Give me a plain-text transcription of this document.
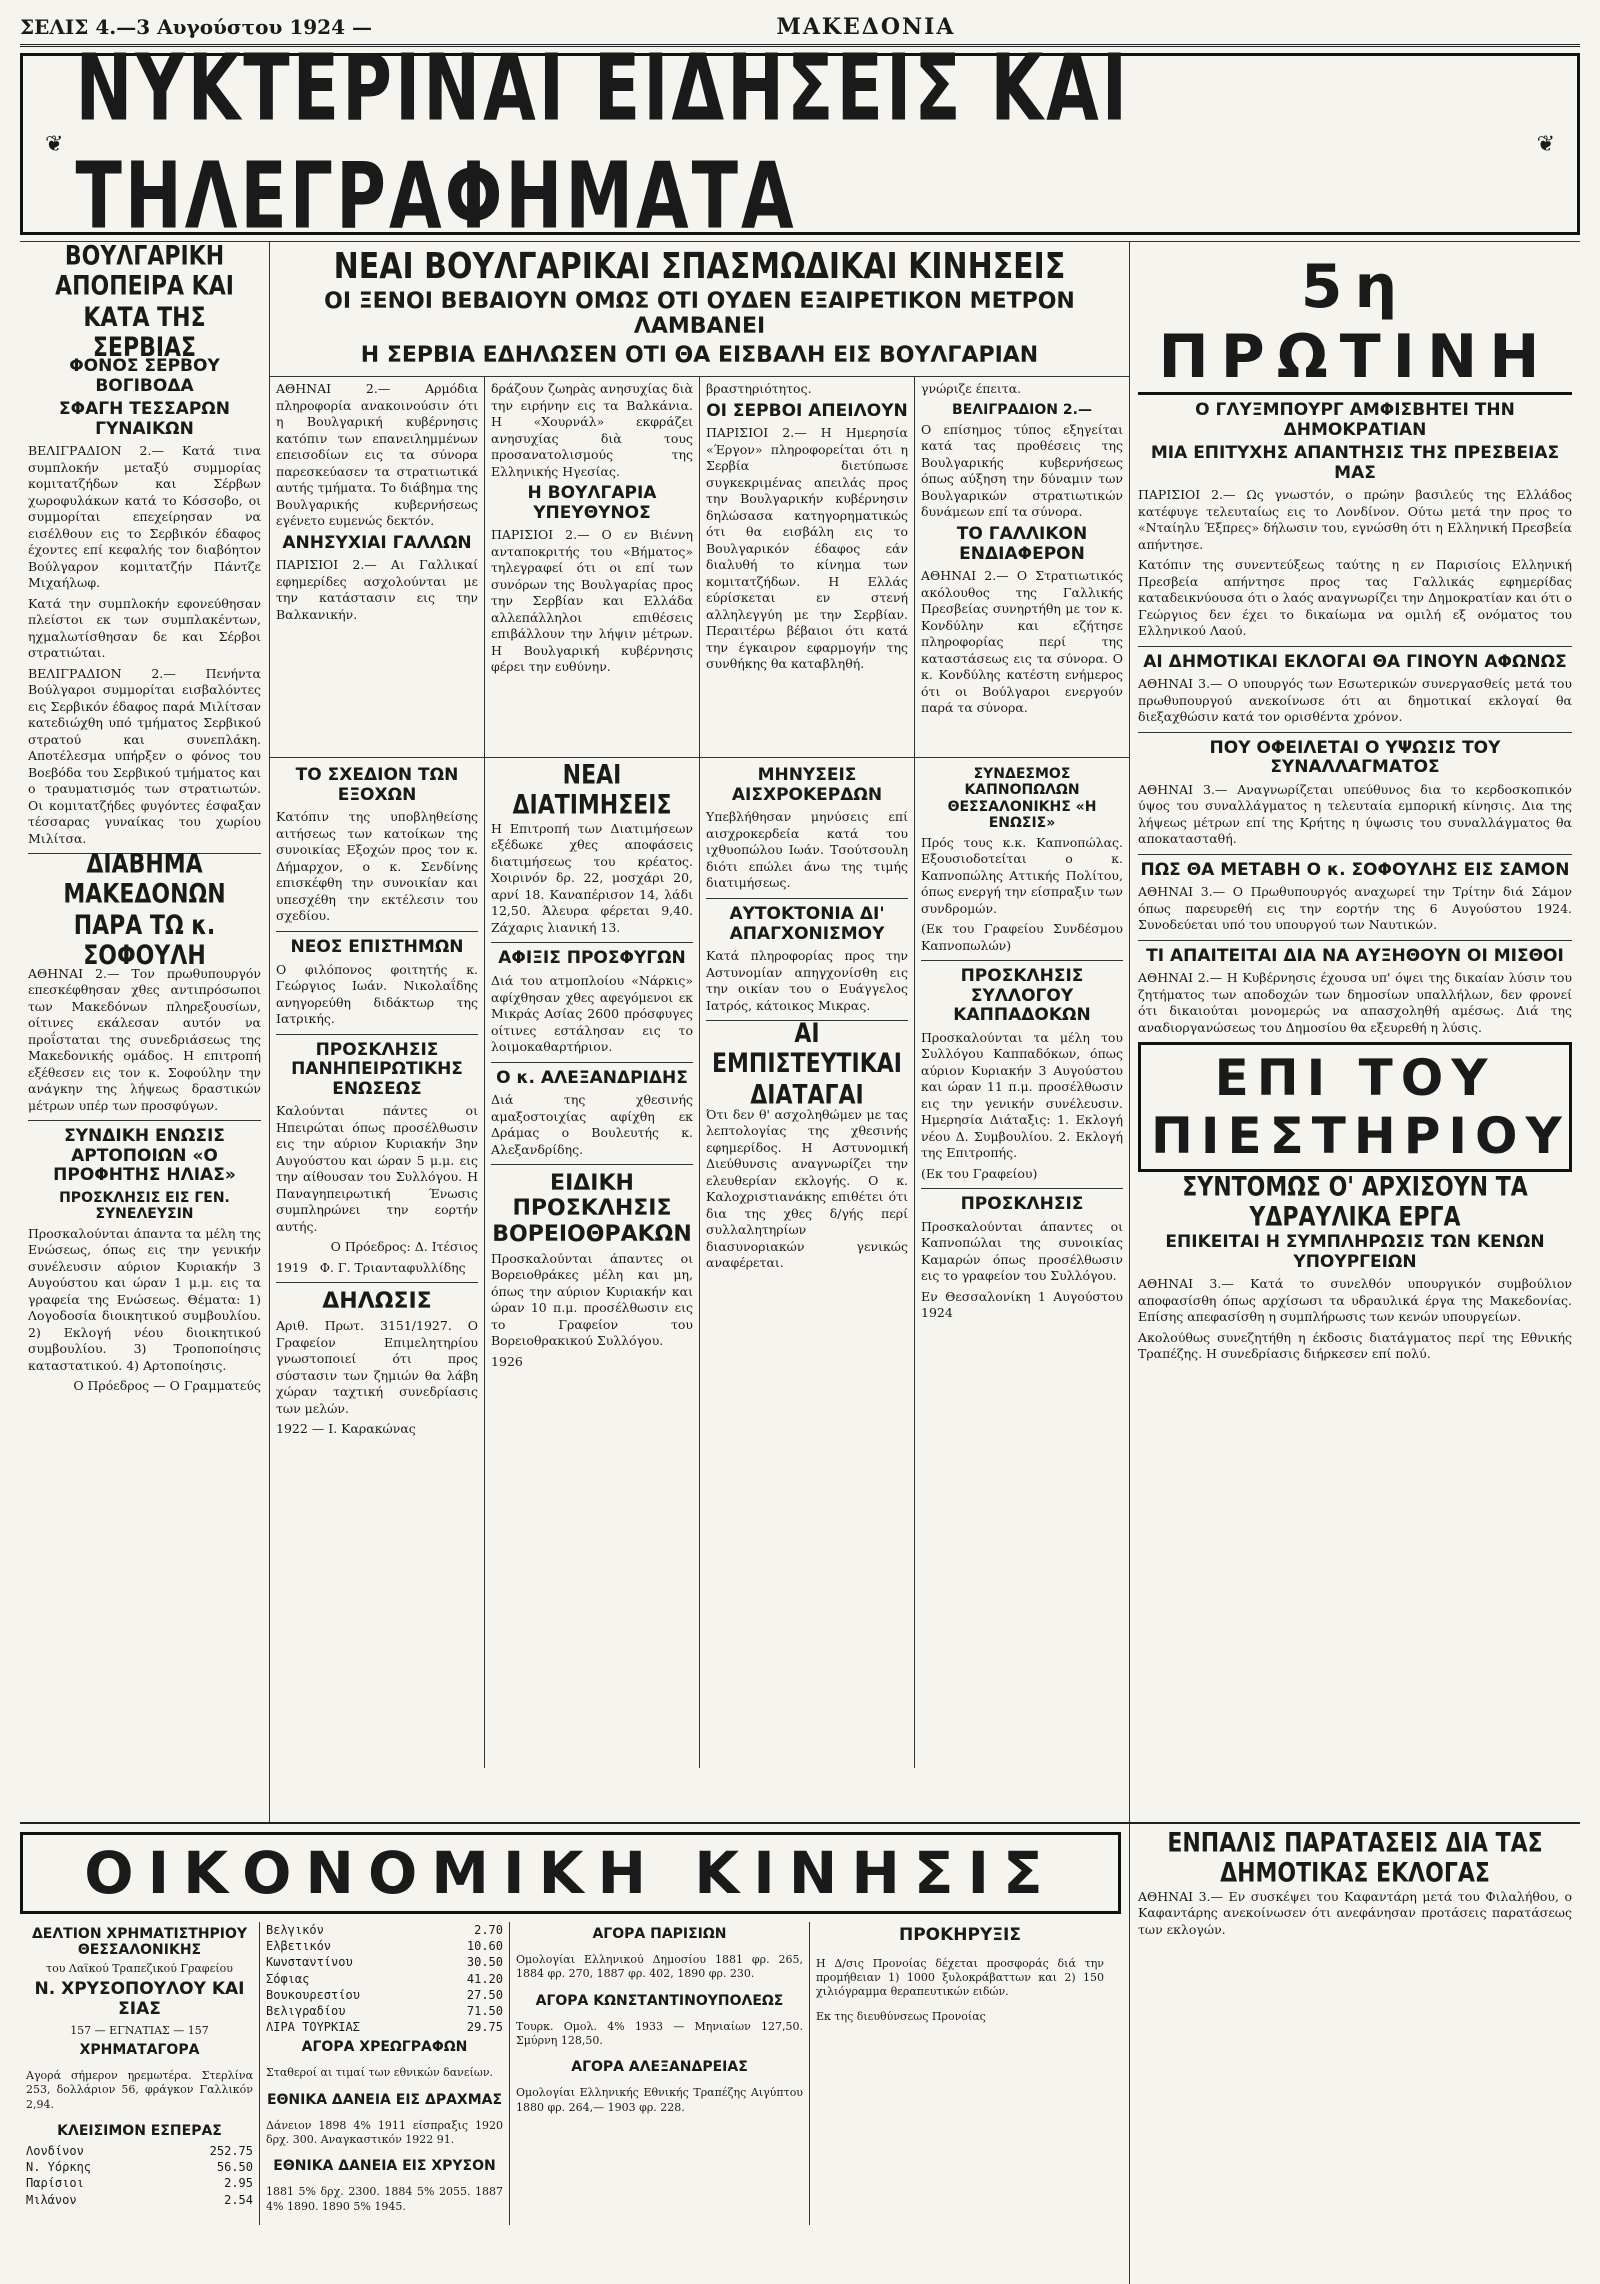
ΣΕΛΙΣ 4.—3 Αυγούστου 1924 —	ΜΑΚΕΔΟΝΙΑ
❦
ΝΥΚΤΕΡΙΝΑΙ ΕΙΔΗΣΕΙΣ ΚΑΙ ΤΗΛΕΓΡΑΦΗΜΑΤΑ	❦
ΒΟΥΛΓΑΡΙΚΗ ΑΠΟΠΕΙΡΑ ΚΑΙ ΚΑΤΑ ΤΗΣ ΣΕΡΒΙΑΣ
ΦΟΝΟΣ ΣΕΡΒΟΥ ΒΟΓΙΒΟΔΑ
ΣΦΑΓΗ ΤΕΣΣΑΡΩΝ ΓΥΝΑΙΚΩΝ

ΒΕΛΙΓΡΑΔΙΟΝ 2.— Κατά τινα συμπλοκήν μεταξύ συμμορίας κομιτατζήδων και Σέρβων χωροφυλάκων κατά το Κόσσοβο, οι συμμορίται επεχείρησαν να εισέλθουν εις το Σερβικόν έδαφος έχοντες επί κεφαλής τον διαβόητον Βούλγαρον κομιτατζήν Πάντζε Μιχαήλωφ.

Κατά την συμπλοκήν εφονεύθησαν πλείστοι εκ των συμπλακέντων, ηχμαλωτίσθησαν δε και Σέρβοι στρατιώται.

ΒΕΛΙΓΡΑΔΙΟΝ 2.— Πενήντα Βούλγαροι συμμορίται εισβαλόντες εις Σερβικόν έδαφος παρά Μιλίτσαν κατεδιώχθη υπό τμήματος Σερβικού στρατού και συνεπλάκη. Αποτέλεσμα υπήρξεν ο φόνος του Βοεβόδα του Σερβικού τμήματος και ο τραυματισμός των στρατιωτών. Οι κομιτατζήδες φυγόντες έσφαξαν τέσσαρας γυναίκας του χωρίου Μιλίτσα.

ΔΙΑΒΗΜΑ ΜΑΚΕΔΟΝΩΝ ΠΑΡΑ ΤΩ κ. ΣΟΦΟΥΛΗ

ΑΘΗΝΑΙ 2.— Τον πρωθυπουργόν επεσκέφθησαν χθες αντιπρόσωποι των Μακεδόνων πληρεξουσίων, οίτινες εκάλεσαν αυτόν να προΐσταται της συνεδριάσεως της Μακεδονικής ομάδος. Η επιτροπή εξέθεσεν εις τον κ. Σοφούλην την ανάγκην της λήψεως δραστικών μέτρων υπέρ των προσφύγων.

ΣΥΝΔΙΚΗ ΕΝΩΣΙΣ ΑΡΤΟΠΟΙΩΝ «Ο ΠΡΟΦΗΤΗΣ ΗΛΙΑΣ»
ΠΡΟΣΚΛΗΣΙΣ ΕΙΣ ΓΕΝ. ΣΥΝΕΛΕΥΣΙΝ

Προσκαλούνται άπαντα τα μέλη της Ενώσεως, όπως εις την γενικήν συνέλευσιν αύριον Κυριακήν 3 Αυγούστου και ώραν 1 μ.μ. εις τα γραφεία της Ενώσεως. Θέματα: 1) Λογοδοσία διοικητικού συμβουλίου. 2) Εκλογή νέου διοικητικού συμβουλίου. 3) Τροποποίησις καταστατικού. 4) Αρτοποίησις.

Ο Πρόεδρος — Ο Γραμματεύς

ΝΕΑΙ ΒΟΥΛΓΑΡΙΚΑΙ ΣΠΑΣΜΩΔΙΚΑΙ ΚΙΝΗΣΕΙΣ
ΟΙ ΞΕΝΟΙ ΒΕΒΑΙΟΥΝ ΟΜΩΣ ΟΤΙ ΟΥΔΕΝ ΕΞΑΙΡΕΤΙΚΟΝ ΜΕΤΡΟΝ ΛΑΜΒΑΝΕΙ
Η ΣΕΡΒΙΑ ΕΔΗΛΩΣΕΝ ΟΤΙ ΘΑ ΕΙΣΒΑΛΗ ΕΙΣ ΒΟΥΛΓΑΡΙΑΝ

ΑΘΗΝΑΙ 2.— Αρμόδια πληροφορία ανακοινούσιν ότι η Βουλγαρική κυβέρνησις κατόπιν των επανειλημμένων επεισοδίων εις τα σύνορα παρεσκεύασεν τα στρατιωτικά αυτής τμήματα. Το διάβημα της Βουλγαρικής κυβερνήσεως εγένετο ευμενώς δεκτόν.

ΑΝΗΣΥΧΙΑΙ ΓΑΛΛΩΝ

ΠΑΡΙΣΙΟΙ 2.— Αι Γαλλικαί εφημερίδες ασχολούνται με την κατάστασιν εις την Βαλκανικήν.

δράζουν ζωηρὰς ανησυχίας διὰ την ειρήνην εις τα Βαλκάνια. Η «Χουρνάλ» εκφράζει ανησυχίας διὰ τους προσανατολισμούς της Ελληνικής Ηγεσίας.

Η ΒΟΥΛΓΑΡΙΑ ΥΠΕΥΘΥΝΟΣ

ΠΑΡΙΣΙΟΙ 2.— Ο εν Βιέννη ανταποκριτής του «Βήματος» τηλεγραφεί ότι οι επί των συνόρων της Βουλγαρίας προς την Σερβίαν και Ελλάδα αλλεπάλληλοι επιθέσεις επιβάλλουν την λήψιν μέτρων. Η Βουλγαρική κυβέρνησις φέρει την ευθύνην.

βραστηριότητος.

ΟΙ ΣΕΡΒΟΙ ΑΠΕΙΛΟΥΝ

ΠΑΡΙΣΙΟΙ 2.— Η Ημερησία «Έργον» πληροφορείται ότι η Σερβία διετύπωσε συγκεκριμένας απειλάς προς την Βουλγαρικήν κυβέρνησιν δηλώσασα κατηγορηματικώς ότι θα εισβάλη εις το Βουλγαρικόν έδαφος εάν διαλυθή το κίνημα των κομιτατζήδων. Η Ελλάς εύρίσκεται εν στενή αλληλεγγύη με την Σερβίαν. Περαιτέρω βέβαιοι ότι κατά την έγκαιρον εφαρμογήν της συνθήκης θα καταβληθή.

γνώριζε έπειτα.

ΒΕΛΙΓΡΑΔΙΟΝ 2.—

Ο επίσημος τύπος εξηγείται κατά τας προθέσεις της Βουλγαρικής κυβερνήσεως όπως αύξηση την δύναμιν των Βουλγαρικών στρατιωτικών δυνάμεων επί τα σύνορα.

ΤΟ ΓΑΛΛΙΚΟΝ ΕΝΔΙΑΦΕΡΟΝ

ΑΘΗΝΑΙ 2.— Ο Στρατιωτικός ακόλουθος της Γαλλικής Πρεσβείας συνηρτήθη με τον κ. Κονδύλην και εζήτησε πληροφορίας περί της καταστάσεως εις τα σύνορα. Ο κ. Κονδύλης κατέστη ενήμερος ότι οι Βούλγαροι ενεργούν παρά τα σύνορα.

ΤΟ ΣΧΕΔΙΟΝ ΤΩΝ ΕΞΟΧΩΝ

Κατόπιν της υποβληθείσης αιτήσεως των κατοίκων της συνοικίας Εξοχών προς τον κ. Δήμαρχον, ο κ. Σενδίνης επισκέφθη την συνοικίαν και υπεσχέθη την εκτέλεσιν του σχεδίου.

ΝΕΟΣ ΕΠΙΣΤΗΜΩΝ

Ο φιλόπονος φοιτητής κ. Γεώργιος Ιωάν. Νικολαΐδης ανηγορεύθη διδάκτωρ της Ιατρικής.

ΠΡΟΣΚΛΗΣΙΣ ΠΑΝΗΠΕΙΡΩΤΙΚΗΣ ΕΝΩΣΕΩΣ

Καλούνται πάντες οι Ηπειρώται όπως προσέλθωσιν εις την αύριον Κυριακήν 3ην Αυγούστου και ώραν 5 μ.μ. εις την αίθουσαν του Συλλόγου. Η Παναγηπειρωτική Ένωσις συμπληρώνει την εορτήν αυτής.

Ο Πρόεδρος: Δ. Ιτέσιος

1919 Φ. Γ. Τριανταφυλλίδης

ΔΗΛΩΣΙΣ

Αριθ. Πρωτ. 3151/1927. Ο Γραφείον Επιμελητηρίου γνωστοποιεί ότι προς σύστασιν των ζημιών θα λάβη χώραν ταχτική συνεδρίασις των μελών.

1922 — Ι. Καρακώνας

ΝΕΑΙ ΔΙΑΤΙΜΗΣΕΙΣ

Η Επιτροπή των Διατιμήσεων εξέδωκε χθες αποφάσεις διατιμήσεως του κρέατος. Χοιρινόν δρ. 22, μοσχάρι 20, αρνί 18. Καναπέρισον 14, λάδι 12,50. Άλευρα φέρεται 9,40. Ζάχαρις λιανική 13.

ΑΦΙΞΙΣ ΠΡΟΣΦΥΓΩΝ

Διά του ατμοπλοίου «Νάρκις» αφίχθησαν χθες αφεγόμενοι εκ Μικράς Ασίας 2600 πρόσφυγες οίτινες εστάλησαν εις το λοιμοκαθαρτήριον.

Ο κ. ΑΛΕΞΑΝΔΡΙΔΗΣ

Διά της χθεσινής αμαξοστοιχίας αφίχθη εκ Δράμας ο Βουλευτής κ. Αλεξανδρίδης.

ΕΙΔΙΚΗ ΠΡΟΣΚΛΗΣΙΣ ΒΟΡΕΙΟΘΡΑΚΩΝ

Προσκαλούνται άπαντες οι Βορειοθράκες μέλη και μη, όπως την αύριον Κυριακήν και ώραν 10 π.μ. προσέλθωσιν εις το Γραφείον του Βορειοθρακικού Συλλόγου.

1926

ΜΗΝΥΣΕΙΣ ΑΙΣΧΡΟΚΕΡΔΩΝ

Υπεβλήθησαν μηνύσεις επί αισχροκερδεία κατά του ιχθυοπώλου Ιωάν. Τσούτσουλη διότι επώλει άνω της τιμής διατιμήσεως.

ΑΥΤΟΚΤΟΝΙΑ ΔΙ' ΑΠΑΓΧΟΝΙΣΜΟΥ

Κατά πληροφορίας προς την Αστυνομίαν απηγχονίσθη εις την οικίαν του ο Ευάγγελος Ιατρός, κάτοικος Μικρας.

ΑΙ ΕΜΠΙΣΤΕΥΤΙΚΑΙ ΔΙΑΤΑΓΑΙ

Ότι δεν θ' ασχοληθώμεν με τας λεπτολογίας της χθεσινής εφημερίδος. Η Αστυνομική Διεύθυνσις αναγνωρίζει την ελευθερίαν εκλογής. Ο κ. Καλοχριστιανάκης επιθέτει ότι δια της χθες δ/γής περί συλλαλητηρίων διασυνοριακών γενικώς αναφέρεται.

ΣΥΝΔΕΣΜΟΣ ΚΑΠΝΟΠΩΛΩΝ ΘΕΣΣΑΛΟΝΙΚΗΣ «Η ΕΝΩΣΙΣ»

Πρός τους κ.κ. Καπνοπώλας. Εξουσιοδοτείται ο κ. Καπνοπώλης Αττικής Πολίτου, όπως ενεργή την είσπραξιν των συνδρομών.

(Εκ του Γραφείου Συνδέσμου Καπνοπωλών)

ΠΡΟΣΚΛΗΣΙΣ ΣΥΛΛΟΓΟΥ ΚΑΠΠΑΔΟΚΩΝ

Προσκαλούνται τα μέλη του Συλλόγου Καππαδόκων, όπως αύριον Κυριακήν 3 Αυγούστου και ώραν 11 π.μ. προσέλθωσιν εις την γενικήν συνέλευσιν. Ημερησία Διάταξις: 1. Εκλογή νέου Δ. Συμβουλίου. 2. Εκλογή της Επιτροπής.

(Εκ του Γραφείου)

ΠΡΟΣΚΛΗΣΙΣ

Προσκαλούνται άπαντες οι Καπνοπώλαι της συνοικίας Καμαρών όπως προσέλθωσιν εις το γραφείον του Συλλόγου.

Εν Θεσσαλονίκη 1 Αυγούστου 1924

5η ΠΡΩΤΙΝΗ
Ο ΓΛΥΞΜΠΟΥΡΓ ΑΜΦΙΣΒΗΤΕΙ ΤΗΝ ΔΗΜΟΚΡΑΤΙΑΝ
ΜΙΑ ΕΠΙΤΥΧΗΣ ΑΠΑΝΤΗΣΙΣ ΤΗΣ ΠΡΕΣΒΕΙΑΣ ΜΑΣ

ΠΑΡΙΣΙΟΙ 2.— Ως γνωστόν, ο πρώην βασιλεύς της Ελλάδος κατέφυγε τελευταίως εις το Λονδίνον. Ούτω μετά την προς το «Νταίηλυ Έξπρες» δήλωσιν του, εγνώσθη ότι η Ελληνική Πρεσβεία απήντησε.

Κατόπιν της συνεντεύξεως ταύτης η εν Παρισίοις Ελληνική Πρεσβεία απήντησε προς τας Γαλλικάς εφημερίδας καταδεικνύουσα ότι ο λαός αναγνωρίζει την Δημοκρατίαν και ότι ο Γεώργιος δεν έχει το δικαίωμα να ομιλή εξ ονόματος του Ελληνικού Λαού.

ΑΙ ΔΗΜΟΤΙΚΑΙ ΕΚΛΟΓΑΙ ΘΑ ΓΙΝΟΥΝ ΑΦΩΝΩΣ

ΑΘΗΝΑΙ 3.— Ο υπουργός των Εσωτερικών συνεργασθείς μετά του πρωθυπουργού ανεκοίνωσε ότι αι δημοτικαί εκλογαί θα διεξαχθώσιν κατά τον ορισθέντα χρόνον.

ΠΟΥ ΟΦΕΙΛΕΤΑΙ Ο ΥΨΩΣΙΣ ΤΟΥ ΣΥΝΑΛΛΑΓΜΑΤΟΣ

ΑΘΗΝΑΙ 3.— Αναγνωρίζεται υπεύθυνος δια το κερδοσκοπικόν ύψος του συναλλάγματος η τελευταία εμπορική κίνησις. Δια της λήψεως μέτρων επί της Κρήτης η ύψωσις του συναλλάγματος θα αποκατασταθή.

ΠΩΣ ΘΑ ΜΕΤΑΒΗ Ο κ. ΣΟΦΟΥΛΗΣ ΕΙΣ ΣΑΜΟΝ

ΑΘΗΝΑΙ 3.— Ο Πρωθυπουργός αναχωρεί την Τρίτην διά Σάμον όπως παρευρεθή εις την εορτήν της 6 Αυγούστου 1924. Συνοδεύεται υπό του υπουργού των Ναυτικών.

ΤΙ ΑΠΑΙΤΕΙΤΑΙ ΔΙΑ ΝΑ ΑΥΞΗΘΟΥΝ ΟΙ ΜΙΣΘΟΙ

ΑΘΗΝΑΙ 2.— Η Κυβέρνησις έχουσα υπ' όψει της δικαίαν λύσιν του ζητήματος των αποδοχών των δημοσίων υπαλλήλων, δεν φρονεί ότι δικαιούται μονομερώς να απασχοληθή αμέσως. Διά της αναδιοργανώσεως του Δημοσίου θα εξευρεθή η λύσις.

ΕΠΙ ΤΟΥ ΠΙΕΣΤΗΡΙΟΥ
ΣΥΝΤΟΜΩΣ Ο' ΑΡΧΙΣΟΥΝ ΤΑ ΥΔΡΑΥΛΙΚΑ ΕΡΓΑ
ΕΠΙΚΕΙΤΑΙ Η ΣΥΜΠΛΗΡΩΣΙΣ ΤΩΝ ΚΕΝΩΝ ΥΠΟΥΡΓΕΙΩΝ

ΑΘΗΝΑΙ 3.— Κατά το συνελθόν υπουργικόν συμβούλιον αποφασίσθη όπως αρχίσωσι τα υδραυλικά έργα της Μακεδονίας. Επίσης απεφασίσθη η συμπλήρωσις των κενών υπουργείων.

Ακολούθως συνεζητήθη η έκδοσις διατάγματος περί της Εθνικής Τραπέζης. Η συνεδρίασις διήρκεσεν επί πολύ.

ΟΙΚΟΝΟΜΙΚΗ ΚΙΝΗΣΙΣ
ΔΕΛΤΙΟΝ ΧΡΗΜΑΤΙΣΤΗΡΙΟΥ ΘΕΣΣΑΛΟΝΙΚΗΣ
του Λαϊκού Τραπεζικού Γραφείου
Ν. ΧΡΥΣΟΠΟΥΛΟΥ ΚΑΙ ΣΙΑΣ
157 — ΕΓΝΑΤΙΑΣ — 157
ΧΡΗΜΑΤΑΓΟΡΑ

Αγορά σήμερον ηρεμωτέρα. Στερλίνα 253, δολλάριον 56, φράγκον Γαλλικόν 2,94.

ΚΛΕΙΣΙΜΟΝ ΕΣΠΕΡΑΣ
Λονδίνον	252.75
Ν. Υόρκης	56.50
Παρίσιοι	2.95
Μιλάνον	2.54
Βελγικόν	2.70
Ελβετικόν	10.60
Κωνσταντίνου	30.50
Σόφιας	41.20
Βουκουρεστίου	27.50
Βελιγραδίου	71.50
ΛΙΡΑ ΤΟΥΡΚΙΑΣ	29.75
ΑΓΟΡΑ ΧΡΕΩΓΡΑΦΩΝ

Σταθεροί αι τιμαί των εθνικών δανείων.

ΕΘΝΙΚΑ ΔΑΝΕΙΑ ΕΙΣ ΔΡΑΧΜΑΣ

Δάνειον 1898 4% 1911 είσπραξις 1920 δρχ. 300. Αναγκαστικόν 1922 91.

ΕΘΝΙΚΑ ΔΑΝΕΙΑ ΕΙΣ ΧΡΥΣΟΝ

1881 5% δρχ. 2300. 1884 5% 2055. 1887 4% 1890. 1890 5% 1945.

ΑΓΟΡΑ ΠΑΡΙΣΙΩΝ

Ομολογίαι Ελληνικού Δημοσίου 1881 φρ. 265, 1884 φρ. 270, 1887 φρ. 402, 1890 φρ. 230.

ΑΓΟΡΑ ΚΩΝΣΤΑΝΤΙΝΟΥΠΟΛΕΩΣ

Τουρκ. Ομολ. 4% 1933 — Μηνιαίων 127,50. Σμύρνη 128,50.

ΑΓΟΡΑ ΑΛΕΞΑΝΔΡΕΙΑΣ

Ομολογίαι Ελληνικής Εθνικής Τραπέζης Αιγύπτου 1880 φρ. 264,— 1903 φρ. 228.

ΠΡΟΚΗΡΥΞΙΣ

Η Δ/σις Προνοίας δέχεται προσφοράς διά την προμήθειαν 1) 1000 ξυλοκράβαττων και 2) 150 χιλιόγραμμα θεραπευτικών ειδών.

Εκ της διευθύνσεως Προνοίας

ΕΝΠΑΛΙΣ ΠΑΡΑΤΑΣΕΙΣ ΔΙΑ ΤΑΣ ΔΗΜΟΤΙΚΑΣ ΕΚΛΟΓΑΣ

ΑΘΗΝΑΙ 3.— Εν συσκέψει του Καφαντάρη μετά του Φιλαλήθου, ο Καφαντάρης ανεκοίνωσεν ότι ανεφάνησαν προτάσεις παρατάσεως των εκλογών.
